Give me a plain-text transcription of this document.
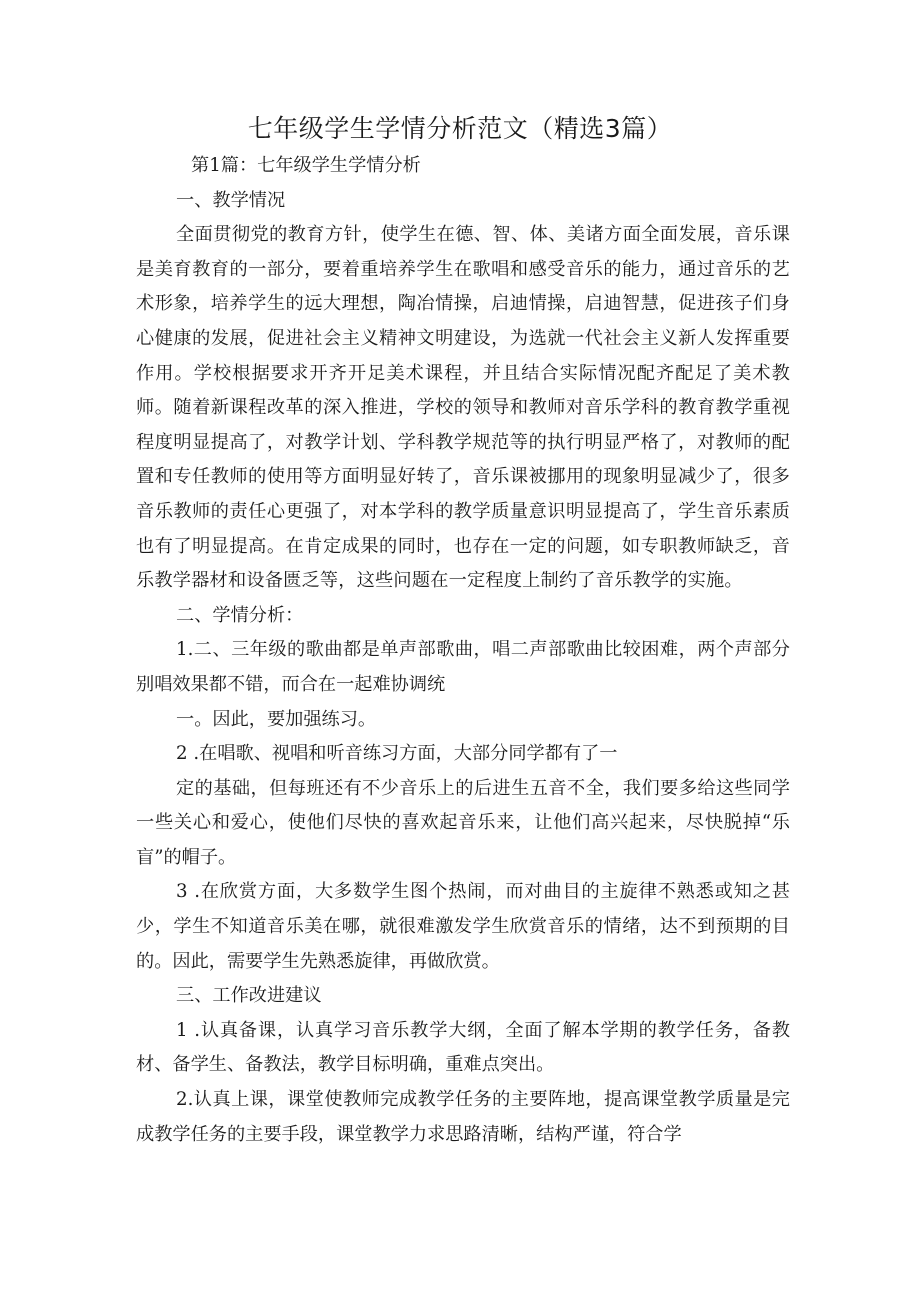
七年级学生学情分析范文（精选3篇）

第1篇：七年级学生学情分析

一、教学情况

全面贯彻党的教育方针，使学生在德、智、体、美诸方面全面发展，音乐课是美育教育的一部分，要着重培养学生在歌唱和感受音乐的能力，通过音乐的艺术形象，培养学生的远大理想，陶冶情操，启迪情操，启迪智慧，促进孩子们身心健康的发展，促进社会主义精神文明建设，为选就一代社会主义新人发挥重要作用。学校根据要求开齐开足美术课程，并且结合实际情况配齐配足了美术教师。随着新课程改革的深入推进，学校的领导和教师对音乐学科的教育教学重视程度明显提高了，对教学计划、学科教学规范等的执行明显严格了，对教师的配置和专任教师的使用等方面明显好转了，音乐课被挪用的现象明显减少了，很多音乐教师的责任心更强了，对本学科的教学质量意识明显提高了，学生音乐素质也有了明显提高。在肯定成果的同时，也存在一定的问题，如专职教师缺乏，音乐教学器材和设备匮乏等，这些问题在一定程度上制约了音乐教学的实施。

二、学情分析：

1.二、三年级的歌曲都是单声部歌曲，唱二声部歌曲比较困难，两个声部分别唱效果都不错，而合在一起难协调统

一。因此，要加强练习。

2 .在唱歌、视唱和听音练习方面，大部分同学都有了一

定的基础，但每班还有不少音乐上的后进生五音不全，我们要多给这些同学一些关心和爱心，使他们尽快的喜欢起音乐来，让他们高兴起来，尽快脱掉“乐盲”的帽子。

3 .在欣赏方面，大多数学生图个热闹，而对曲目的主旋律不熟悉或知之甚少，学生不知道音乐美在哪，就很难激发学生欣赏音乐的情绪，达不到预期的目的。因此，需要学生先熟悉旋律，再做欣赏。

三、工作改进建议

1 .认真备课，认真学习音乐教学大纲，全面了解本学期的教学任务，备教材、备学生、备教法，教学目标明确，重难点突出。

2.认真上课，课堂使教师完成教学任务的主要阵地，提高课堂教学质量是完成教学任务的主要手段，课堂教学力求思路清晰，结构严谨，符合学
